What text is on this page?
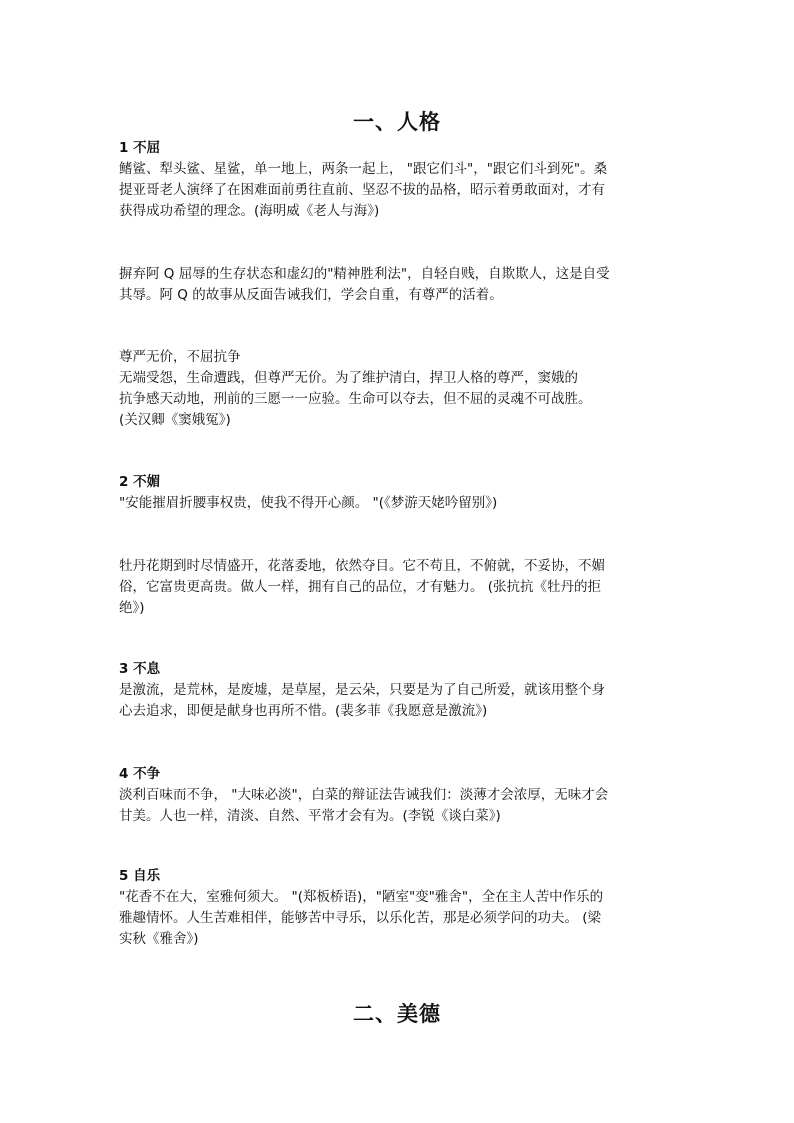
一、人格
1 不屈
鳍鲨、犁头鲨、星鲨，单一地上，两条一起上， "跟它们斗"，"跟它们斗到死"。桑
提亚哥老人演绎了在困难面前勇往直前、坚忍不拔的品格，昭示着勇敢面对，才有
获得成功希望的理念。(海明威《老人与海》)
摒弃阿 Q 屈辱的生存状态和虚幻的"精神胜利法"，自轻自贱，自欺欺人，这是自受
其辱。阿 Q 的故事从反面告诫我们，学会自重，有尊严的活着。
尊严无价，不屈抗争
无端受怨，生命遭践，但尊严无价。为了维护清白，捍卫人格的尊严，窦娥的
抗争感天动地，刑前的三愿一一应验。生命可以夺去，但不屈的灵魂不可战胜。
(关汉卿《窦娥冤》)
2 不媚
"安能摧眉折腰事权贵，使我不得开心颜。 "(《梦游天姥吟留别》)
牡丹花期到时尽情盛开，花落委地，依然夺目。它不苟且，不俯就，不妥协，不媚
俗，它富贵更高贵。做人一样，拥有自己的品位，才有魅力。 (张抗抗《牡丹的拒
绝》)
3 不息
是激流，是荒林，是废墟，是草屋，是云朵，只要是为了自己所爱，就该用整个身
心去追求，即便是献身也再所不惜。(裴多菲《我愿意是激流》)
4 不争
淡利百味而不争， "大味必淡"，白菜的辩证法告诫我们：淡薄才会浓厚，无味才会
甘美。人也一样，清淡、自然、平常才会有为。(李锐《谈白菜》)
5 自乐
"花香不在大，室雅何须大。 "(郑板桥语)，"陋室"变"雅舍"，全在主人苦中作乐的
雅趣情怀。人生苦难相伴，能够苦中寻乐，以乐化苦，那是必须学问的功夫。 (梁
实秋《雅舍》)
二、美德
